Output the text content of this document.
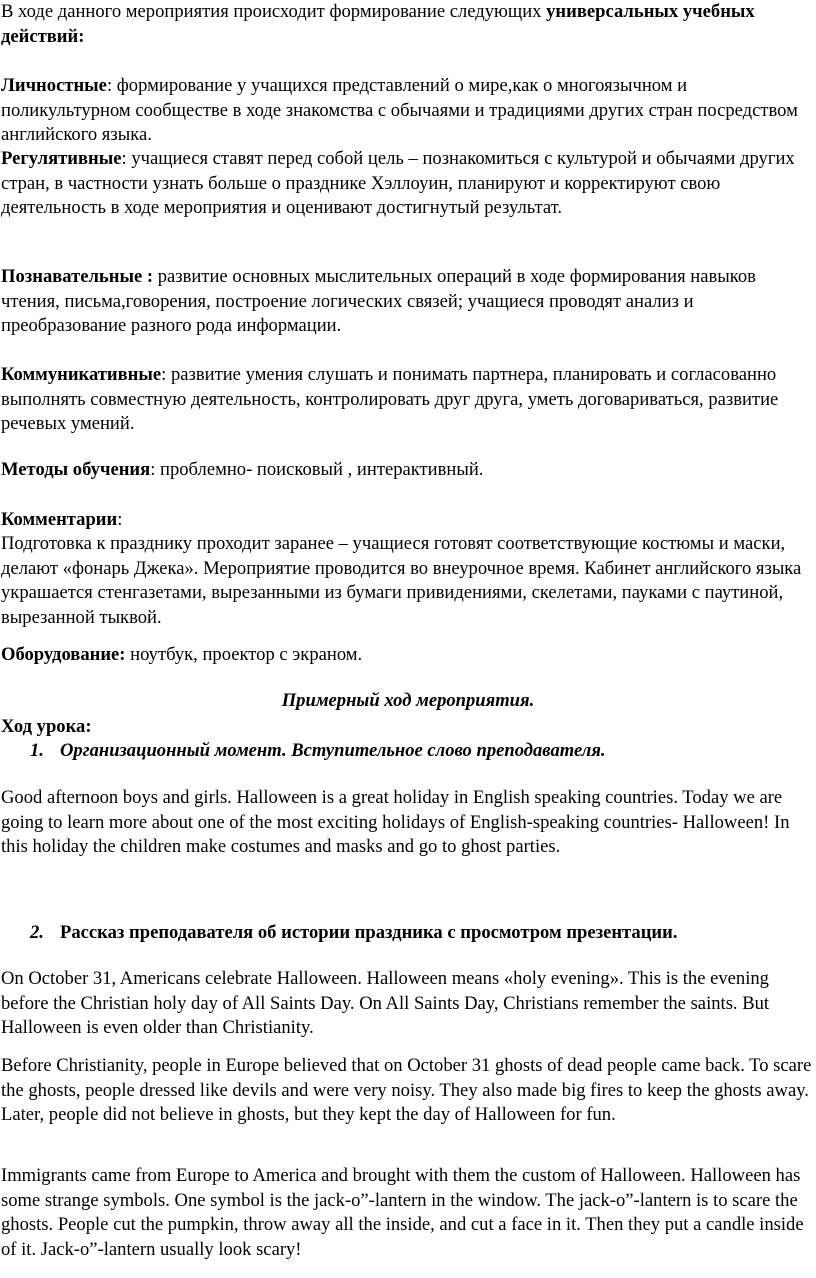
В ходе данного мероприятия происходит формирование следующих универсальных учебных действий:

Личностные: формирование у учащихся представлений о мире,как о многоязычном и поликультурном сообществе в ходе знакомства с обычаями и традициями других стран посредством английского языка.

Регулятивные: учащиеся ставят перед собой цель – познакомиться с культурой и обычаями других стран, в частности узнать больше о празднике Хэллоуин, планируют и корректируют свою деятельность в ходе мероприятия и оценивают достигнутый результат.

Познавательные : развитие основных мыслительных операций в ходе формирования навыков чтения, письма,говорения, построение логических связей; учащиеся проводят анализ и преобразование разного рода информации.

Коммуникативные: развитие умения слушать и понимать партнера, планировать и согласованно выполнять совместную деятельность, контролировать друг друга, уметь договариваться, развитие речевых умений.

Методы обучения: проблемно- поисковый , интерактивный.

Комментарии:

Подготовка к празднику проходит заранее – учащиеся готовят соответствующие костюмы и маски, делают «фонарь Джека». Мероприятие проводится во внеурочное время. Кабинет английского языка украшается стенгазетами, вырезанными из бумаги привидениями, скелетами, пауками с паутиной, вырезанной тыквой.

Оборудование: ноутбук, проектор с экраном.

Примерный ход мероприятия.

Ход урока:

1. Организационный момент. Вступительное слово преподавателя.

Good afternoon boys and girls. Halloween is a great holiday in English speaking countries. Today we are going to learn more about one of the most exciting holidays of English-speaking countries- Halloween! In this holiday the children make costumes and masks and go to ghost parties.

2. Рассказ преподавателя об истории праздника с просмотром презентации.

On October 31, Americans celebrate Halloween. Halloween means «holy evening». This is the evening before the Christian holy day of All Saints Day. On All Saints Day, Christians remember the saints. But Halloween is even older than Christianity.

Before Christianity, people in Europe believed that on October 31 ghosts of dead people came back. To scare the ghosts, people dressed like devils and were very noisy. They also made big fires to keep the ghosts away. Later, people did not believe in ghosts, but they kept the day of Halloween for fun.

Immigrants came from Europe to America and brought with them the custom of Halloween. Halloween has some strange symbols. One symbol is the jack-o”-lantern in the window. The jack-o”-lantern is to scare the ghosts. People cut the pumpkin, throw away all the inside, and cut a face in it. Then they put a candle inside of it. Jack-o”-lantern usually look scary!
